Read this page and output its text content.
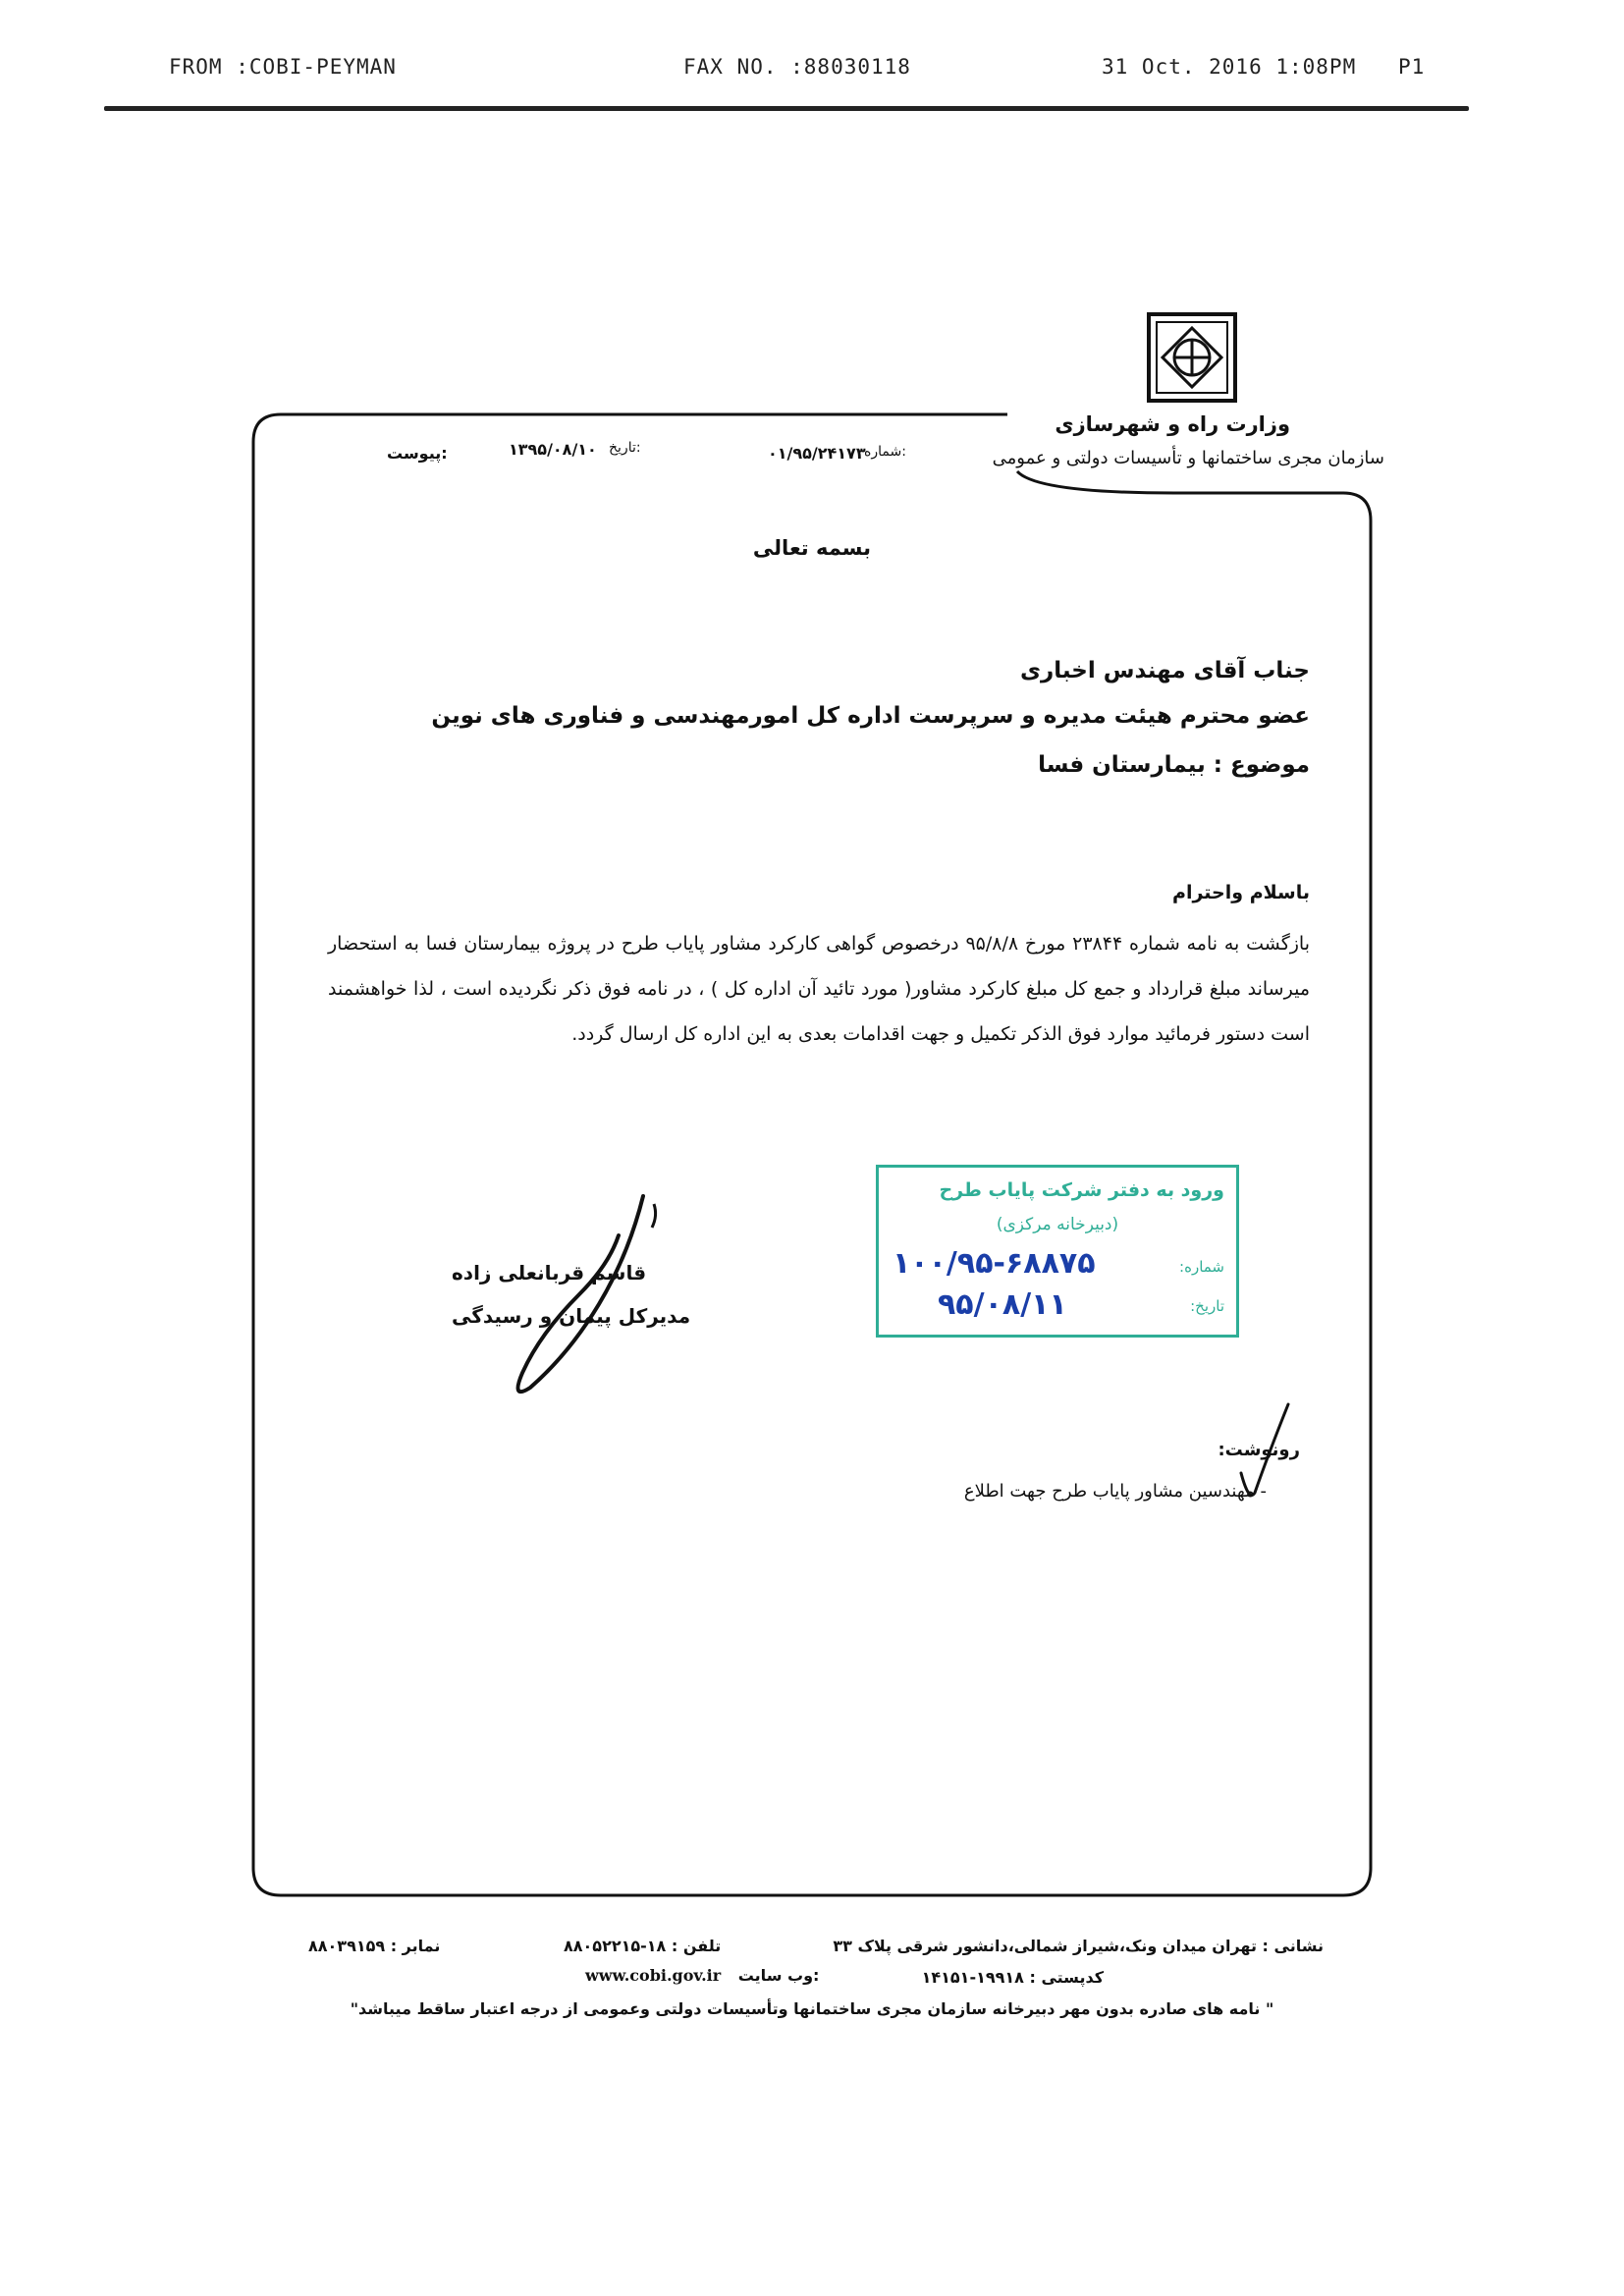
FROM :COBI-PEYMAN	FAX NO. :88030118	31 Oct. 2016 1:08PM P1
وزارت راه و شهرسازی
سازمان مجری ساختمانها و تأسیسات دولتی و عمومی
شماره:
۰۱/۹۵/۲۴۱۷۳
تاریخ:
۱۳۹۵/۰۸/۱۰
پیوست:
بسمه تعالی
جناب آقای مهندس اخباری
عضو محترم هیئت مدیره و سرپرست اداره کل امورمهندسی و فناوری های نوین
موضوع : بیمارستان فسا
باسلام واحترام
بازگشت به نامه شماره ۲۳۸۴۴ مورخ ۹۵/۸/۸ درخصوص گواهی کارکرد مشاور پایاب طرح در پروژه بیمارستان فسا به استحضار میرساند مبلغ قرارداد و جمع کل مبلغ کارکرد مشاور( مورد تائید آن اداره کل ) ، در نامه فوق ذکر نگردیده است ، لذا خواهشمند است دستور فرمائید موارد فوق الذکر تکمیل و جهت اقدامات بعدی به این اداره کل ارسال گردد.
ورود به دفتر شرکت پایاب طرح
(دبیرخانه مرکزی)
شماره:
تاریخ:
۱۰۰/۹۵-۶۸۸۷۵
۹۵/۰۸/۱۱
قاسم قربانعلی زاده
مدیرکل پیمان و رسیدگی
رونوشت:
- مهندسین مشاور پایاب طرح جهت اطلاع
نشانی : تهران میدان ونک،شیراز شمالی،دانشور شرقی پلاک ۳۳
تلفن : ۱۸-۸۸۰۵۲۲۱۵
نمابر : ۸۸۰۳۹۱۵۹
کدپستی : ۱۹۹۱۸-۱۴۱۵۱
www.cobi.gov.ir وب سایت:
" نامه های صادره بدون مهر دبیرخانه سازمان مجری ساختمانها وتأسیسات دولتی وعمومی از درجه اعتبار ساقط میباشد"
